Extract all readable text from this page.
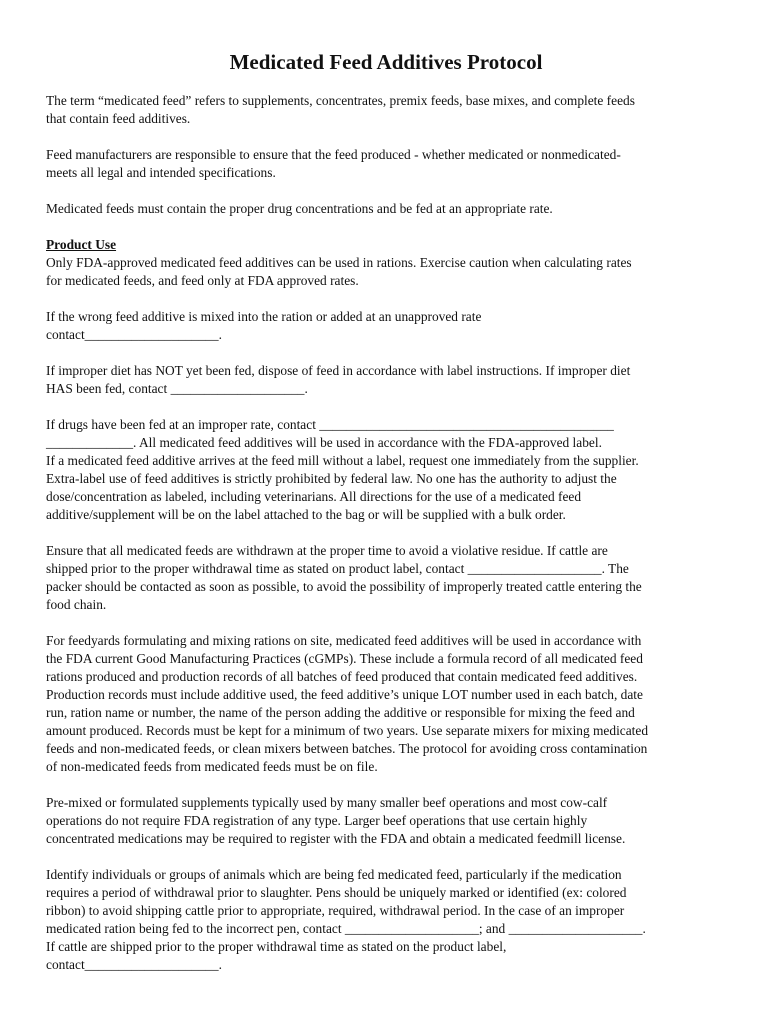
Medicated Feed Additives Protocol

The term “medicated feed” refers to supplements, concentrates, premix feeds, base mixes, and complete feeds
that contain feed additives.

Feed manufacturers are responsible to ensure that the feed produced - whether medicated or nonmedicated-
meets all legal and intended specifications.

Medicated feeds must contain the proper drug concentrations and be fed at an appropriate rate.

Product Use
Only FDA-approved medicated feed additives can be used in rations. Exercise caution when calculating rates
for medicated feeds, and feed only at FDA approved rates.

If the wrong feed additive is mixed into the ration or added at an unapproved rate
contact____________________.

If improper diet has NOT yet been fed, dispose of feed in accordance with label instructions. If improper diet
HAS been fed, contact ____________________.

If drugs have been fed at an improper rate, contact ____________________________________________
_____________. All medicated feed additives will be used in accordance with the FDA-approved label.
If a medicated feed additive arrives at the feed mill without a label, request one immediately from the supplier.
Extra-label use of feed additives is strictly prohibited by federal law. No one has the authority to adjust the
dose/concentration as labeled, including veterinarians. All directions for the use of a medicated feed
additive/supplement will be on the label attached to the bag or will be supplied with a bulk order.

Ensure that all medicated feeds are withdrawn at the proper time to avoid a violative residue. If cattle are
shipped prior to the proper withdrawal time as stated on product label, contact ____________________. The
packer should be contacted as soon as possible, to avoid the possibility of improperly treated cattle entering the
food chain.

For feedyards formulating and mixing rations on site, medicated feed additives will be used in accordance with
the FDA current Good Manufacturing Practices (cGMPs). These include a formula record of all medicated feed
rations produced and production records of all batches of feed produced that contain medicated feed additives.
Production records must include additive used, the feed additive’s unique LOT number used in each batch, date
run, ration name or number, the name of the person adding the additive or responsible for mixing the feed and
amount produced. Records must be kept for a minimum of two years. Use separate mixers for mixing medicated
feeds and non-medicated feeds, or clean mixers between batches. The protocol for avoiding cross contamination
of non-medicated feeds from medicated feeds must be on file.

Pre-mixed or formulated supplements typically used by many smaller beef operations and most cow-calf
operations do not require FDA registration of any type. Larger beef operations that use certain highly
concentrated medications may be required to register with the FDA and obtain a medicated feedmill license.

Identify individuals or groups of animals which are being fed medicated feed, particularly if the medication
requires a period of withdrawal prior to slaughter. Pens should be uniquely marked or identified (ex: colored
ribbon) to avoid shipping cattle prior to appropriate, required, withdrawal period. In the case of an improper
medicated ration being fed to the incorrect pen, contact ____________________; and ____________________.
If cattle are shipped prior to the proper withdrawal time as stated on the product label,
contact____________________.
